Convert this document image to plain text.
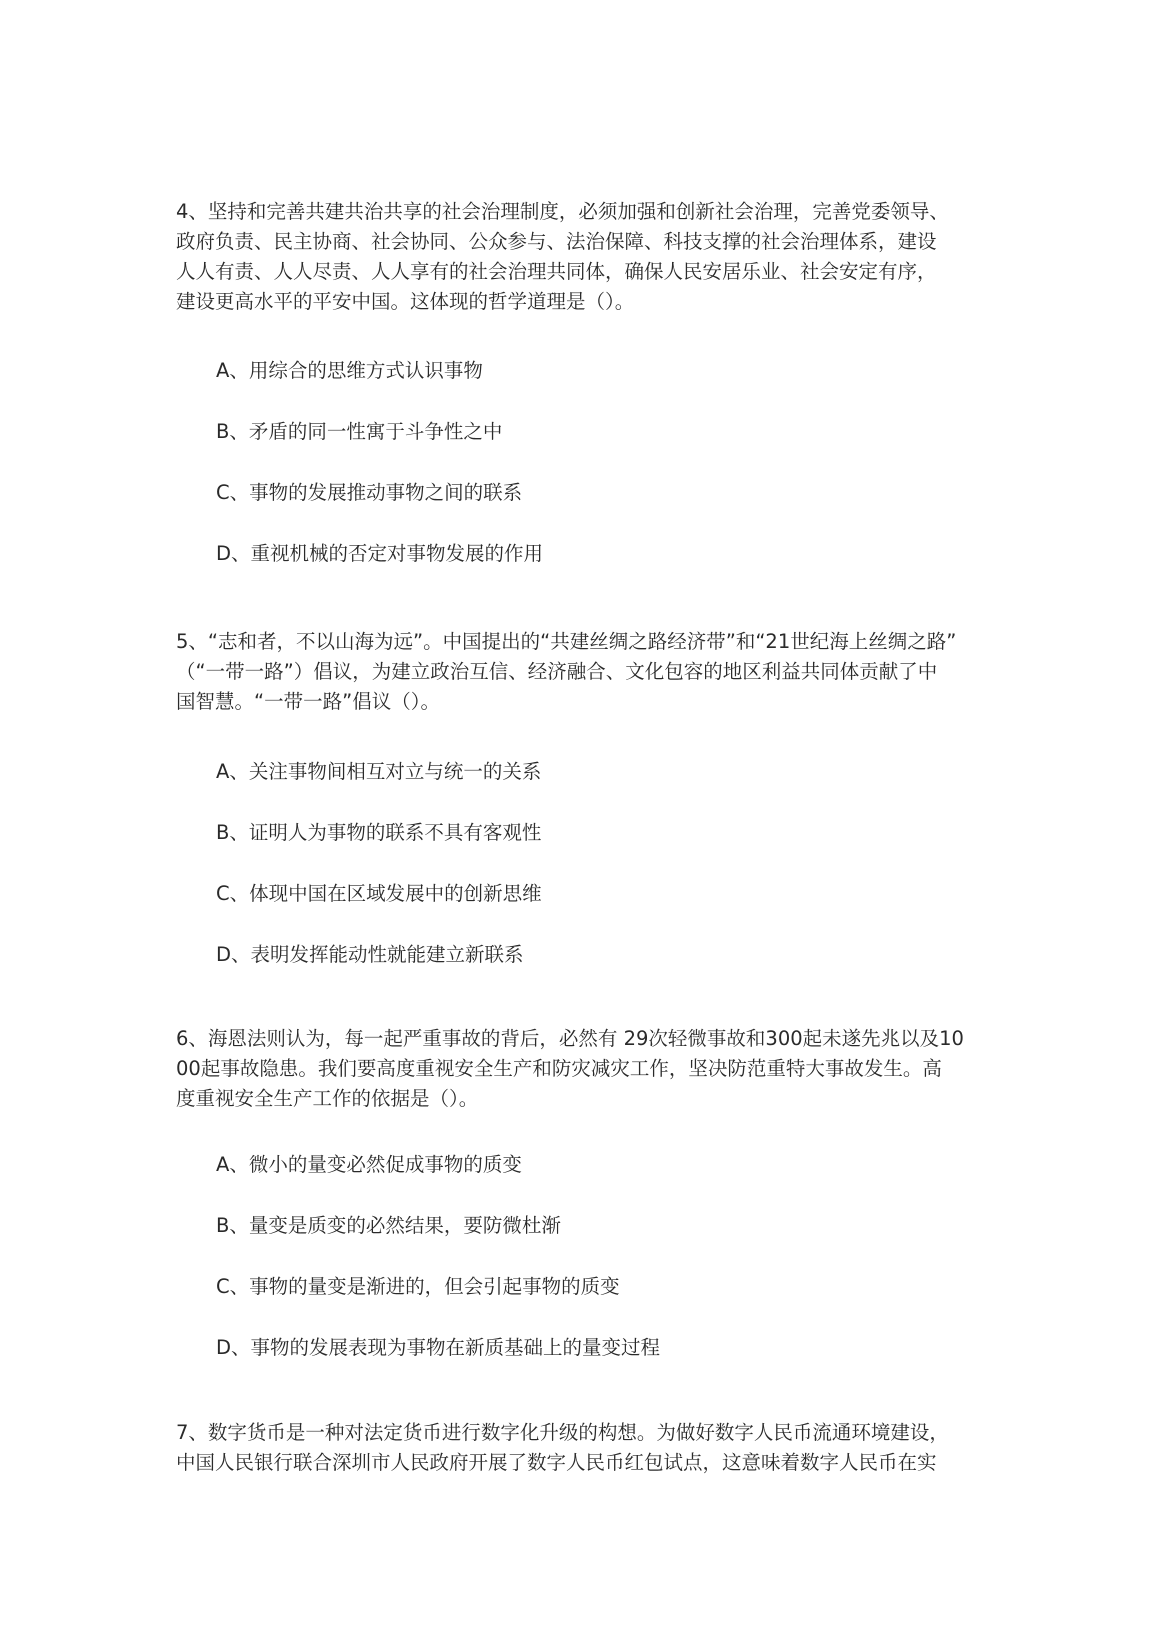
4、坚持和完善共建共治共享的社会治理制度，必须加强和创新社会治理，完善党委领导、
政府负责、民主协商、社会协同、公众参与、法治保障、科技支撑的社会治理体系，建设
人人有责、人人尽责、人人享有的社会治理共同体，确保人民安居乐业、社会安定有序，
建设更高水平的平安中国。这体现的哲学道理是（）。

A、用综合的思维方式认识事物

B、矛盾的同一性寓于斗争性之中

C、事物的发展推动事物之间的联系

D、重视机械的否定对事物发展的作用

5、“志和者，不以山海为远”。中国提出的“共建丝绸之路经济带”和“21世纪海上丝绸之路”
（“一带一路”）倡议，为建立政治互信、经济融合、文化包容的地区利益共同体贡献了中
国智慧。“一带一路”倡议（）。

A、关注事物间相互对立与统一的关系

B、证明人为事物的联系不具有客观性

C、体现中国在区域发展中的创新思维

D、表明发挥能动性就能建立新联系

6、海恩法则认为，每一起严重事故的背后，必然有 29次轻微事故和300起未遂先兆以及10
00起事故隐患。我们要高度重视安全生产和防灾减灾工作，坚决防范重特大事故发生。高
度重视安全生产工作的依据是（）。

A、微小的量变必然促成事物的质变

B、量变是质变的必然结果，要防微杜渐

C、事物的量变是渐进的，但会引起事物的质变

D、事物的发展表现为事物在新质基础上的量变过程

7、数字货币是一种对法定货币进行数字化升级的构想。为做好数字人民币流通环境建设，
中国人民银行联合深圳市人民政府开展了数字人民币红包试点，这意味着数字人民币在实
